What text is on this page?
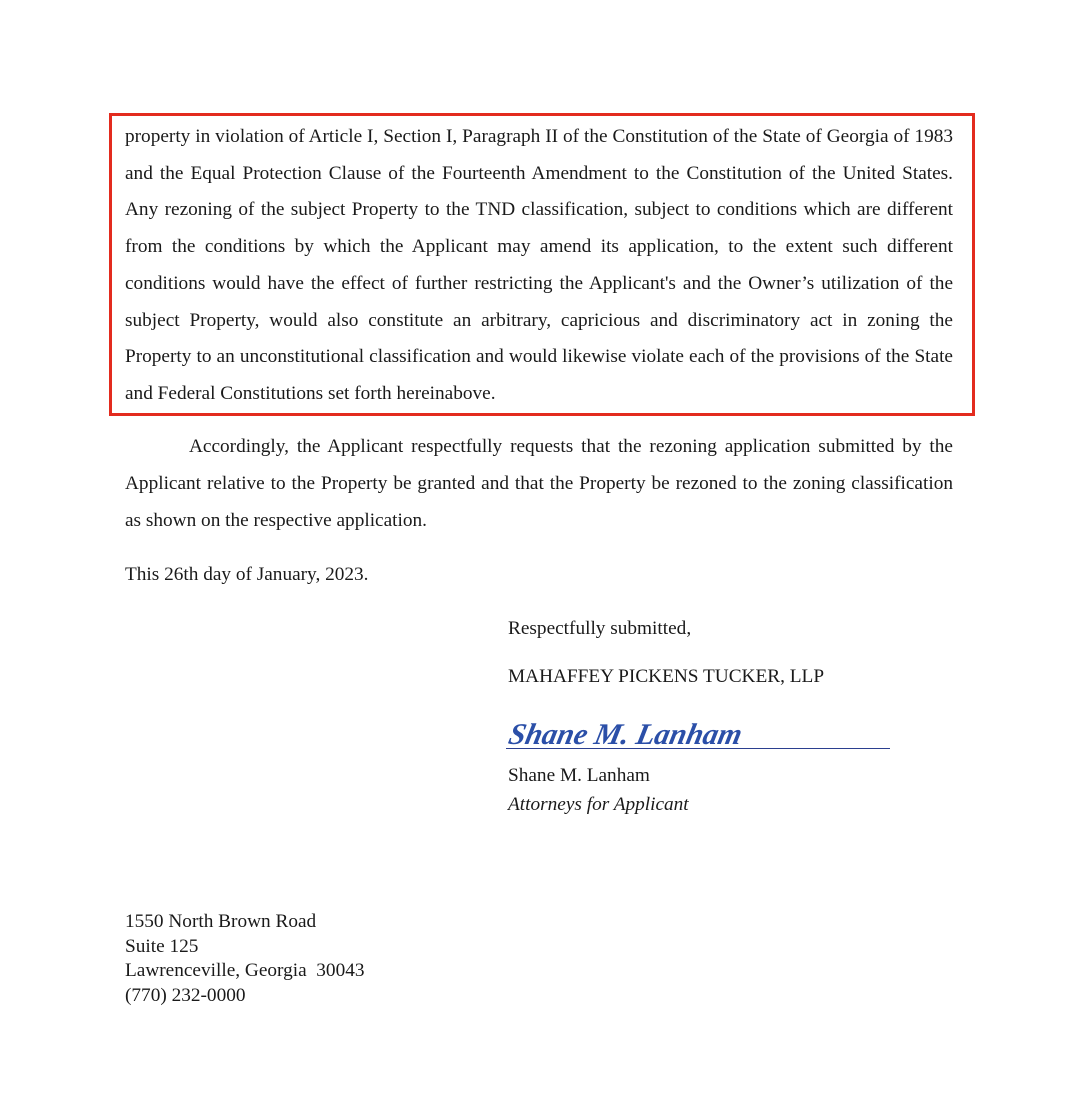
property in violation of Article I, Section I, Paragraph II of the Constitution of the State of Georgia of 1983 and the Equal Protection Clause of the Fourteenth Amendment to the Constitution of the United States. Any rezoning of the subject Property to the TND classification, subject to conditions which are different from the conditions by which the Applicant may amend its application, to the extent such different conditions would have the effect of further restricting the Applicant's and the Owner’s utilization of the subject Property, would also constitute an arbitrary, capricious and discriminatory act in zoning the Property to an unconstitutional classification and would likewise violate each of the provisions of the State and Federal Constitutions set forth hereinabove.

Accordingly, the Applicant respectfully requests that the rezoning application submitted by the Applicant relative to the Property be granted and that the Property be rezoned to the zoning classification as shown on the respective application.

This 26th day of January, 2023.

Respectfully submitted,

MAHAFFEY PICKENS TUCKER, LLP

Shane M. Lanham

Shane M. Lanham

Attorneys for Applicant

1550 North Brown Road
Suite 125
Lawrenceville, Georgia  30043
(770) 232-0000
